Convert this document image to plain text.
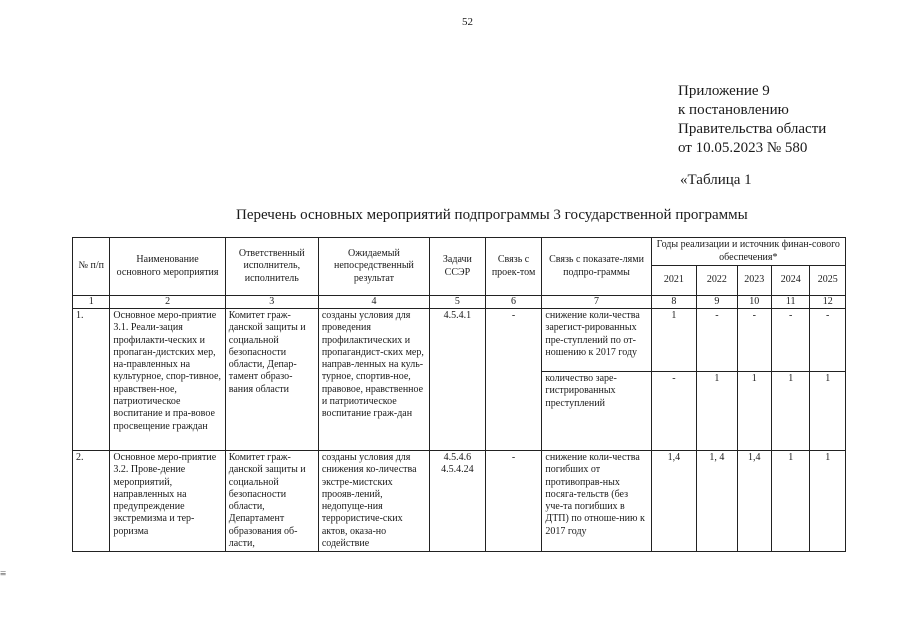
52
Приложение 9
к постановлению
Правительства области
от 10.05.2023 № 580
«Таблица 1
Перечень основных мероприятий подпрограммы 3 государственной программы
≡
№ п/п	Наименование основного мероприятия	Ответственный исполнитель, исполнитель	Ожидаемый непосредственный результат	Задачи ССЭР	Связь с проек-том	Связь с показате-лями подпро-граммы	Годы реализации и источник финан-сового обеспечения*				
							2021	2022	2023	2024	2025
1	2	3	4	5	6	7	8	9	10	11	12
1.	Основное меро-приятие 3.1. Реали-зация профилакти-ческих и пропаган-дистских мер, на-правленных на культурное, спор-тивное, нравствен-ное, патриотическое воспитание и пра-вовое просвещение граждан	Комитет граж-данской защиты и социальной безопасности области, Депар-тамент образо-вания области	созданы условия для проведения профилактических и пропагандист-ских мер, направ-ленных на куль-турное, спортив-ное, правовое, нравственное и патриотическое воспитание граж-дан	4.5.4.1	-	снижение коли-чества зарегист-рированных пре-ступлений по от-ношению к 2017 году	1	-	-	-	-
						количество заре-гистрированных преступлений	-	1	1	1	1
2.	Основное меро-приятие 3.2. Прове-дение мероприятий, направленных на предупреждение экстремизма и тер-роризма	Комитет граж-данской защиты и социальной безопасности области, Департамент образования об-ласти,	созданы условия для снижения ко-личества экстре-мистских проояв-лений, недопуще-ния террористиче-ских актов, оказа-но содействие	4.5.4.6
4.5.4.24	-	снижение коли-чества погибших от противоправ-ных посяга-тельств (без уче-та погибших в ДТП) по отноше-нию к 2017 году	1,4	1, 4	1,4	1	1
